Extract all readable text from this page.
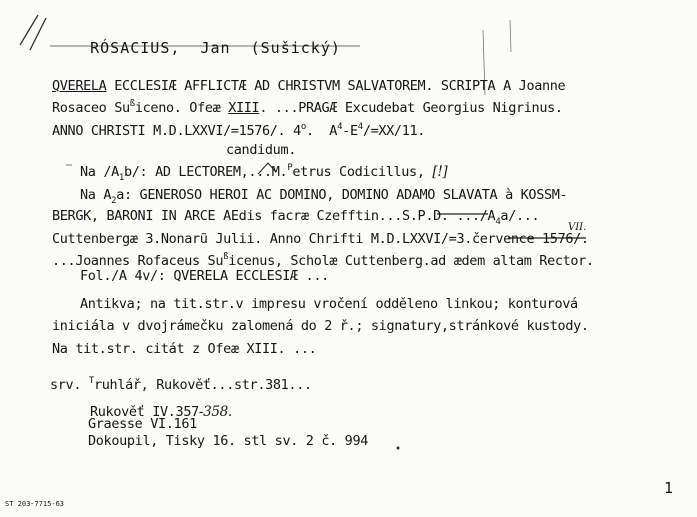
RÓSACIUS, Jan (Sušický)

QVERELA ECCLESIÆ AFFLICTÆ AD CHRISTVM SALVATOREM. SCRIPTA A Joanne
Rosaceo $Su^ßiceno$. Ofeæ XIII. ...PRAGÆ Excudebat Georgius Nigrinus.
ANNO CHRISTI M.D.LXXVI/=1576/. 4$^o$.  $A^4-E^4/=XX/11$.
candidum.
Na $/A_1b/$: AD LECTOREM,...M.$^P$etrus Codicillus, [!]
Na $A_2a$: GENEROSO HEROI AC DOMINO, DOMINO ADAMO SLAVATA à KOSSM-
BERGK, BARONI IN ARCE AEdis facræ Czefftin...S.P.D. $.../A_4a/$...
VII.
Cuttenbergæ 3.Nonarũ Julii. Anno Chrifti M.D.LXXVI/=3.července 1576/.
...Joannes Rofaceus $Su^ßicenus$, Scholæ Cuttenberg.ad ædem altam Rector.
Fol./A 4v/: QVERELA ECCLESIÆ ...
Antikva; na tit.str.v impresu vročení odděleno linkou; konturová
iniciála v dvojrámečku zalomená do 2 ř.; signatury,stránkové kustody.
Na tit.str. citát z Ofeæ XIII. ...
srv. $^T$ruhlář, Rukověť...str.381...
Rukověť IV.357-358.
Graesse VI.161
Dokoupil, Tisky 16. stl sv. 2 č. 994
ST 203-7715-63
1
